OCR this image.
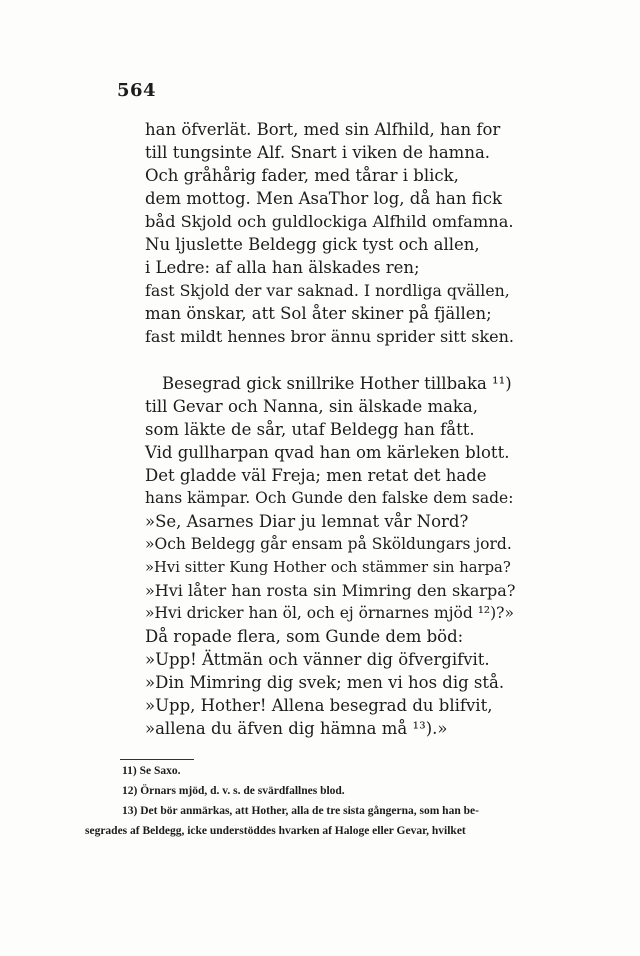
564
han öfverlät. Bort, med sin Alfhild, han for
till tungsinte Alf. Snart i viken de hamna.
Och gråhårig fader, med tårar i blick,
dem mottog. Men AsaThor log, då han fick
båd Skjold och guldlockiga Alfhild omfamna.
Nu ljuslette Beldegg gick tyst och allen,
i Ledre: af alla han älskades ren;
fast Skjold der var saknad. I nordliga qvällen,
man önskar, att Sol åter skiner på fjällen;
fast mildt hennes bror ännu sprider sitt sken.
Besegrad gick snillrike Hother tillbaka ¹¹)
till Gevar och Nanna, sin älskade maka,
som läkte de sår, utaf Beldegg han fått.
Vid gullharpan qvad han om kärleken blott.
Det gladde väl Freja; men retat det hade
hans kämpar. Och Gunde den falske dem sade:
»Se, Asarnes Diar ju lemnat vår Nord?
»Och Beldegg går ensam på Sköldungars jord.
»Hvi sitter Kung Hother och stämmer sin harpa?
»Hvi låter han rosta sin Mimring den skarpa?
»Hvi dricker han öl, och ej örnarnes mjöd ¹²)?»
Då ropade flera, som Gunde dem böd:
»Upp! Ättmän och vänner dig öfvergifvit.
»Din Mimring dig svek; men vi hos dig stå.
»Upp, Hother! Allena besegrad du blifvit,
»allena du äfven dig hämna må ¹³).»
11) Se Saxo.
12) Örnars mjöd, d. v. s. de svärdfallnes blod.
13) Det bör anmärkas, att Hother, alla de tre sista gångerna, som han be-
segrades af Beldegg, icke understöddes hvarken af Haloge eller Gevar, hvilket
